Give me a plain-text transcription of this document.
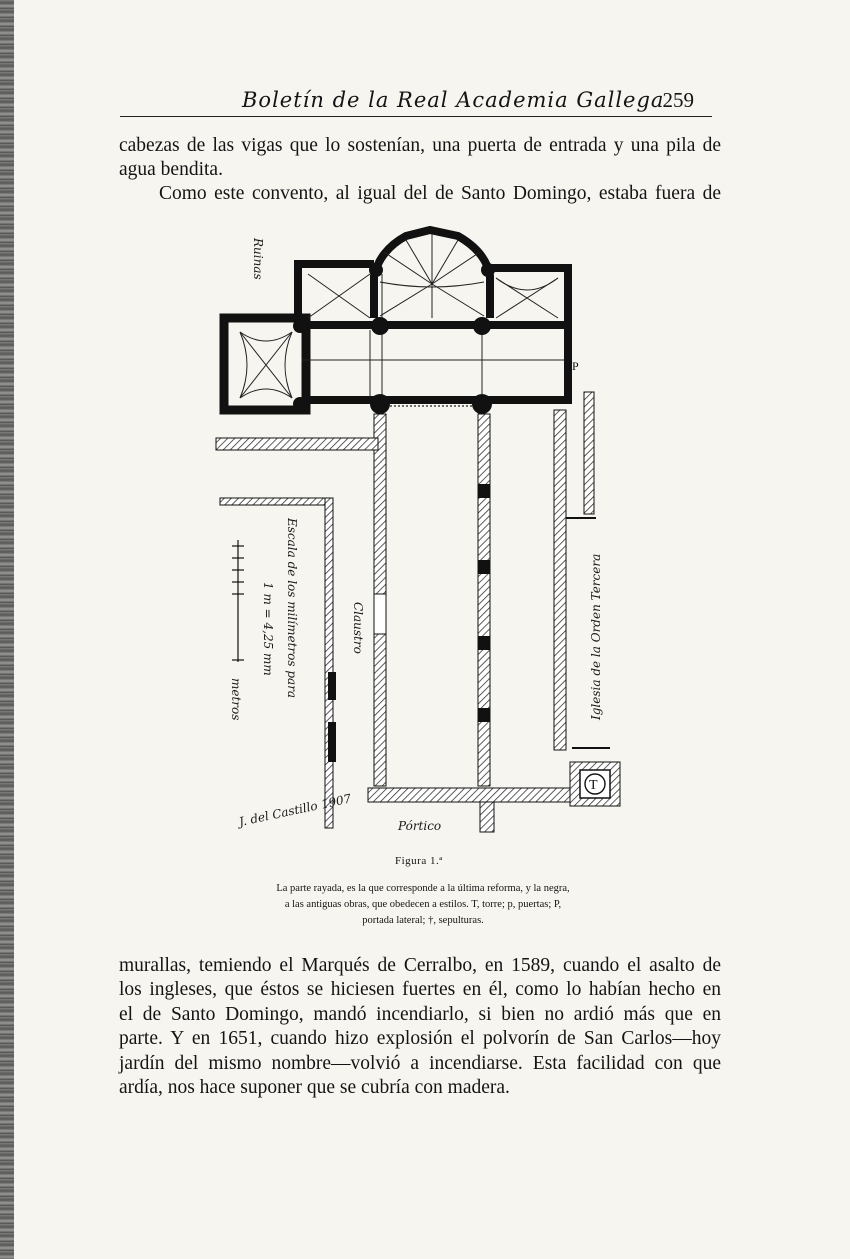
Boletín de la Real Academia Gallega
259
cabezas de las vigas que lo sostenían, una puerta de entrada y una pila de
agua bendita.
Como este convento, al igual del de Santo Domingo, estaba fuera de
Ruinas
P
T
Escala de los milímetros para
1 m = 4,25 mm
metros
Claustro	Iglesia de la Orden Tercera
Pórtico
J. del Castillo 1907
Figura 1.ª
La parte rayada, es la que corresponde a la última reforma, y la negra,
a las antiguas obras, que obedecen a estilos. T, torre; p, puertas; P,
portada lateral; †, sepulturas.
murallas, temiendo el Marqués de Cerralbo, en 1589, cuando el asalto de
los ingleses, que éstos se hiciesen fuertes en él, como lo habían hecho en
el de Santo Domingo, mandó incendiarlo, si bien no ardió más que en
parte. Y en 1651, cuando hizo explosión el polvorín de San Carlos—hoy
jardín del mismo nombre—volvió a incendiarse. Esta facilidad con que
ardía, nos hace suponer que se cubría con madera.
